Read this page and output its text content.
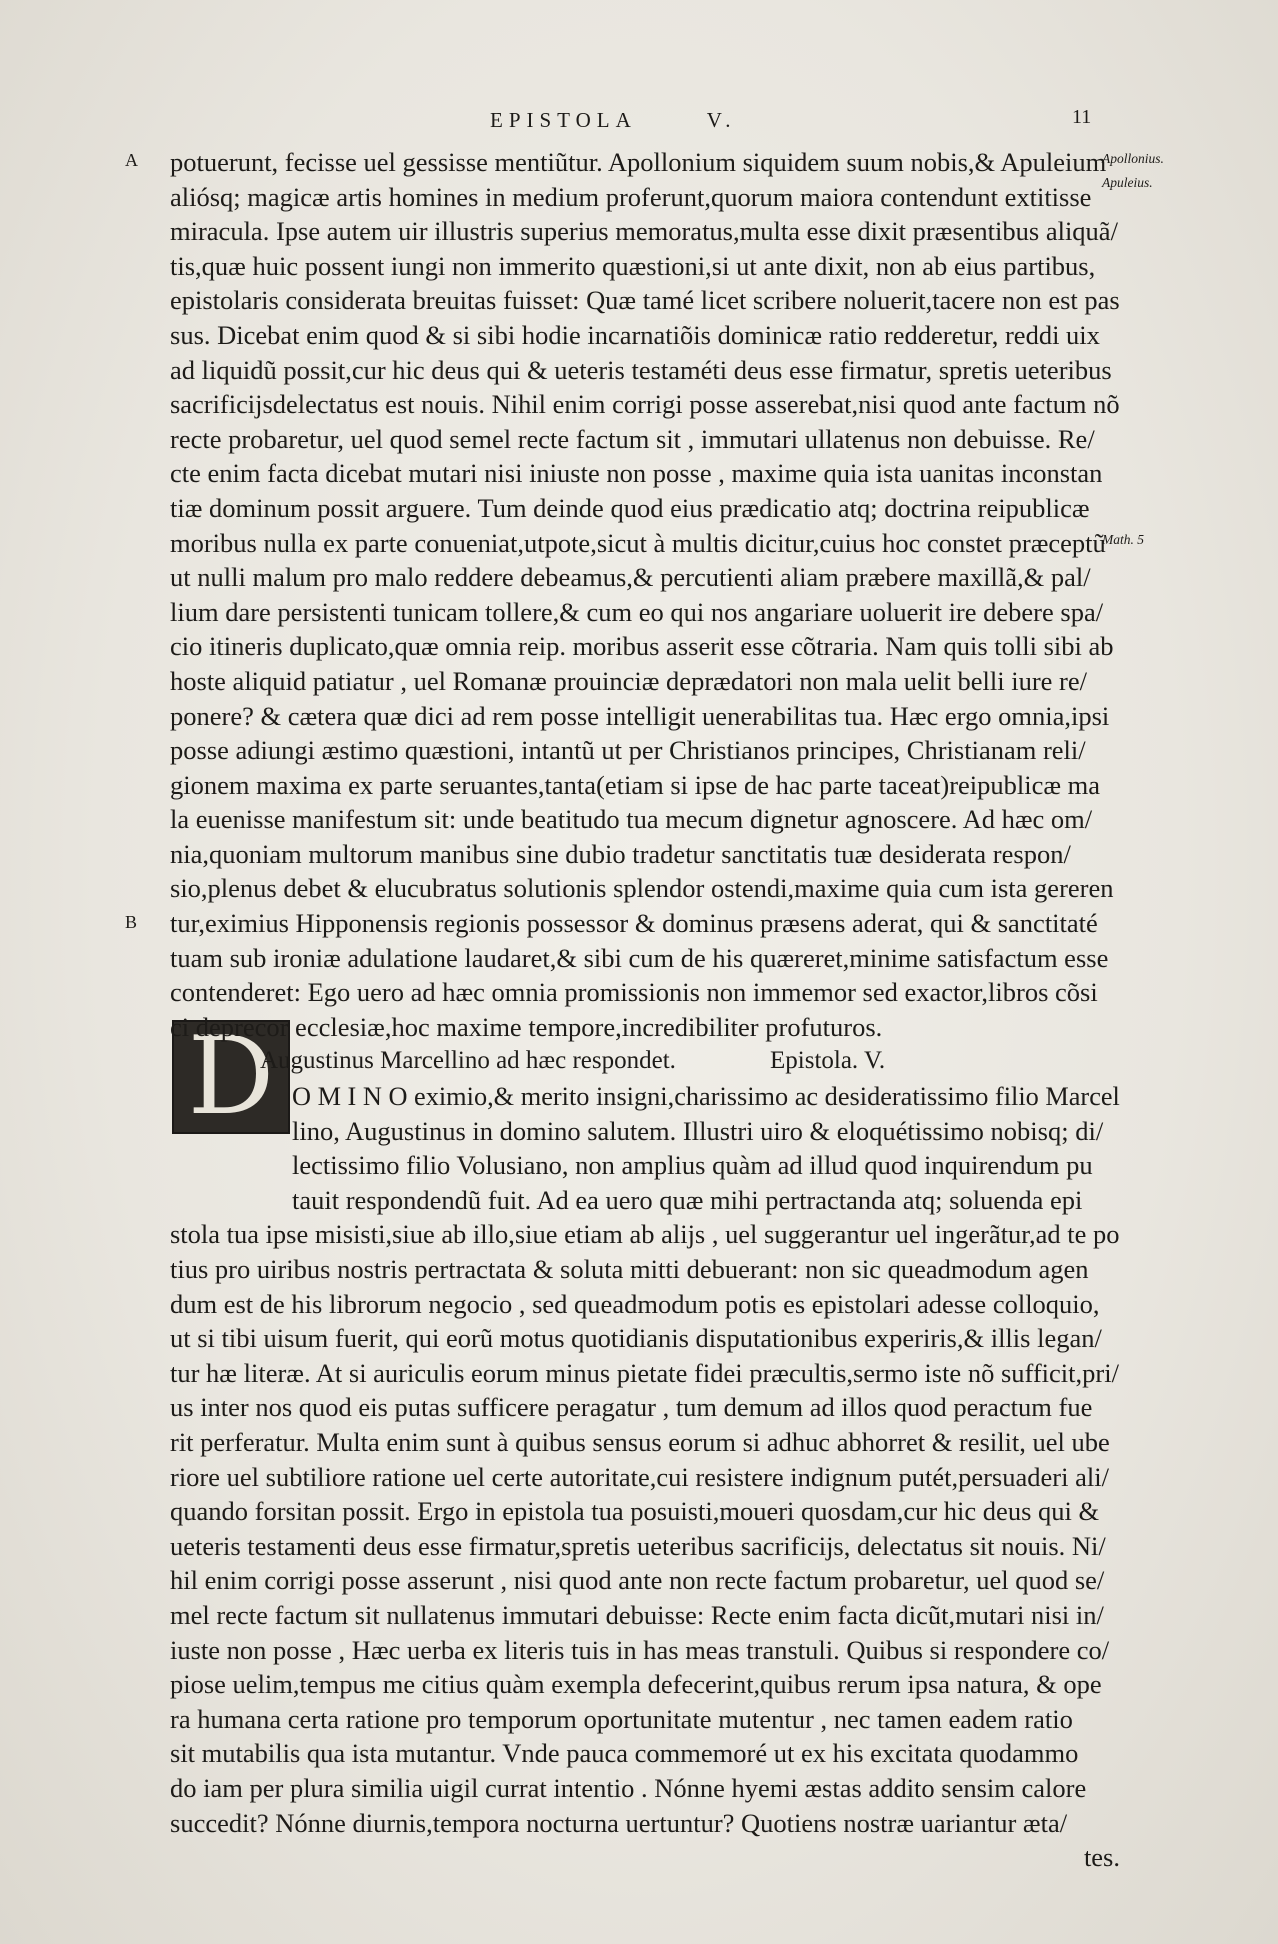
EPISTOLA	V.	11
A
B
Apollonius.
Apuleius.
Math. 5
D
potuerunt, fecisse uel gessisse mentiũtur. Apollonium siquidem suum nobis,& Apuleium
aliósq; magicæ artis homines in medium proferunt,quorum maiora contendunt extitisse
miracula. Ipse autem uir illustris superius memoratus,multa esse dixit præsentibus aliquã/
tis,quæ huic possent iungi non immerito quæstioni,si ut ante dixit, non ab eius partibus,
epistolaris considerata breuitas fuisset: Quæ tamé licet scribere noluerit,tacere non est pas
sus. Dicebat enim quod & si sibi hodie incarnatiõis dominicæ ratio redderetur, reddi uix
ad liquidũ possit,cur hic deus qui & ueteris testaméti deus esse firmatur, spretis ueteribus
sacrificijsdelectatus est nouis. Nihil enim corrigi posse asserebat,nisi quod ante factum nõ
recte probaretur, uel quod semel recte factum sit , immutari ullatenus non debuisse. Re/
cte enim facta dicebat mutari nisi iniuste non posse , maxime quia ista uanitas inconstan
tiæ dominum possit arguere. Tum deinde quod eius prædicatio atq; doctrina reipublicæ
moribus nulla ex parte conueniat,utpote,sicut à multis dicitur,cuius hoc constet præceptũ
ut nulli malum pro malo reddere debeamus,& percutienti aliam præbere maxillã,& pal/
lium dare persistenti tunicam tollere,& cum eo qui nos angariare uoluerit ire debere spa/
cio itineris duplicato,quæ omnia reip. moribus asserit esse cõtraria. Nam quis tolli sibi ab
hoste aliquid patiatur , uel Romanæ prouinciæ deprædatori non mala uelit belli iure re/
ponere? & cætera quæ dici ad rem posse intelligit uenerabilitas tua. Hæc ergo omnia,ipsi
posse adiungi æstimo quæstioni, intantũ ut per Christianos principes, Christianam reli/
gionem maxima ex parte seruantes,tanta(etiam si ipse de hac parte taceat)reipublicæ ma
la euenisse manifestum sit: unde beatitudo tua mecum dignetur agnoscere. Ad hæc om/
nia,quoniam multorum manibus sine dubio tradetur sanctitatis tuæ desiderata respon/
sio,plenus debet & elucubratus solutionis splendor ostendi,maxime quia cum ista gereren
tur,eximius Hipponensis regionis possessor & dominus præsens aderat, qui & sanctitaté
tuam sub ironiæ adulatione laudaret,& sibi cum de his quæreret,minime satisfactum esse
contenderet: Ego uero ad hæc omnia promissionis non immemor sed exactor,libros cõsi
ci deprecor ecclesiæ,hoc maxime tempore,incredibiliter profuturos.
Augustinus Marcellino ad hæc respondet.	Epistola. V.
O M I N O eximio,& merito insigni,charissimo ac desideratissimo filio Marcel
lino, Augustinus in domino salutem. Illustri uiro & eloquétissimo nobisq; di/
lectissimo filio Volusiano, non amplius quàm ad illud quod inquirendum pu
tauit respondendũ fuit. Ad ea uero quæ mihi pertractanda atq; soluenda epi
stola tua ipse misisti,siue ab illo,siue etiam ab alijs , uel suggerantur uel ingerãtur,ad te po
tius pro uiribus nostris pertractata & soluta mitti debuerant: non sic queadmodum agen
dum est de his librorum negocio , sed queadmodum potis es epistolari adesse colloquio,
ut si tibi uisum fuerit, qui eorũ motus quotidianis disputationibus experiris,& illis legan/
tur hæ literæ. At si auriculis eorum minus pietate fidei præcultis,sermo iste nõ sufficit,pri/
us inter nos quod eis putas sufficere peragatur , tum demum ad illos quod peractum fue
rit perferatur. Multa enim sunt à quibus sensus eorum si adhuc abhorret & resilit, uel ube
riore uel subtiliore ratione uel certe autoritate,cui resistere indignum putét,persuaderi ali/
quando forsitan possit. Ergo in epistola tua posuisti,moueri quosdam,cur hic deus qui &
ueteris testamenti deus esse firmatur,spretis ueteribus sacrificijs, delectatus sit nouis. Ni/
hil enim corrigi posse asserunt , nisi quod ante non recte factum probaretur, uel quod se/
mel recte factum sit nullatenus immutari debuisse: Recte enim facta dicũt,mutari nisi in/
iuste non posse , Hæc uerba ex literis tuis in has meas transtuli. Quibus si respondere co/
piose uelim,tempus me citius quàm exempla defecerint,quibus rerum ipsa natura, & ope
ra humana certa ratione pro temporum oportunitate mutentur , nec tamen eadem ratio
sit mutabilis qua ista mutantur. Vnde pauca commemoré ut ex his excitata quodammo
do iam per plura similia uigil currat intentio . Nónne hyemi æstas addito sensim calore
succedit? Nónne diurnis,tempora nocturna uertuntur? Quotiens nostræ uariantur æta/
tes.
